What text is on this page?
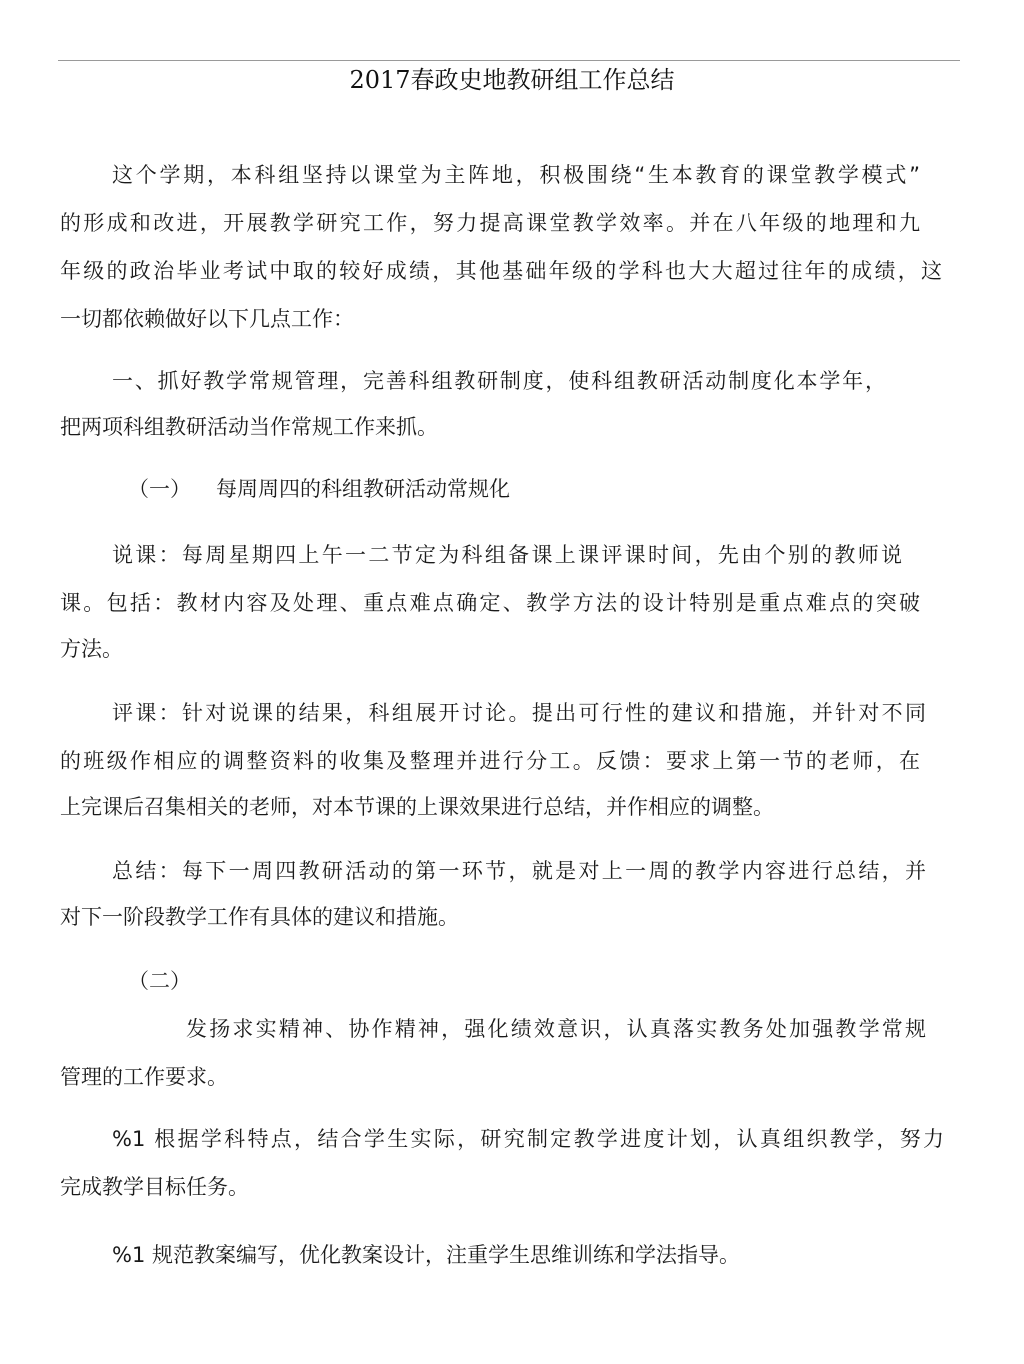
2017春政史地教研组工作总结

这个学期，本科组坚持以课堂为主阵地，积极围绕“生本教育的课堂教学模式”

的形成和改进，开展教学研究工作，努力提高课堂教学效率。并在八年级的地理和九

年级的政治毕业考试中取的较好成绩，其他基础年级的学科也大大超过往年的成绩，这

一切都依赖做好以下几点工作：

一、抓好教学常规管理，完善科组教研制度，使科组教研活动制度化本学年，

把两项科组教研活动当作常规工作来抓。

（一） 每周周四的科组教研活动常规化

说课：每周星期四上午一二节定为科组备课上课评课时间，先由个别的教师说

课。包括：教材内容及处理、重点难点确定、教学方法的设计特别是重点难点的突破

方法。

评课：针对说课的结果，科组展开讨论。提出可行性的建议和措施，并针对不同

的班级作相应的调整资料的收集及整理并进行分工。反馈：要求上第一节的老师，在

上完课后召集相关的老师，对本节课的上课效果进行总结，并作相应的调整。

总结：每下一周四教研活动的第一环节，就是对上一周的教学内容进行总结，并

对下一阶段教学工作有具体的建议和措施。

（二）

发扬求实精神、协作精神，强化绩效意识，认真落实教务处加强教学常规

管理的工作要求。

%1 根据学科特点，结合学生实际，研究制定教学进度计划，认真组织教学，努力

完成教学目标任务。

%1 规范教案编写，优化教案设计，注重学生思维训练和学法指导。
